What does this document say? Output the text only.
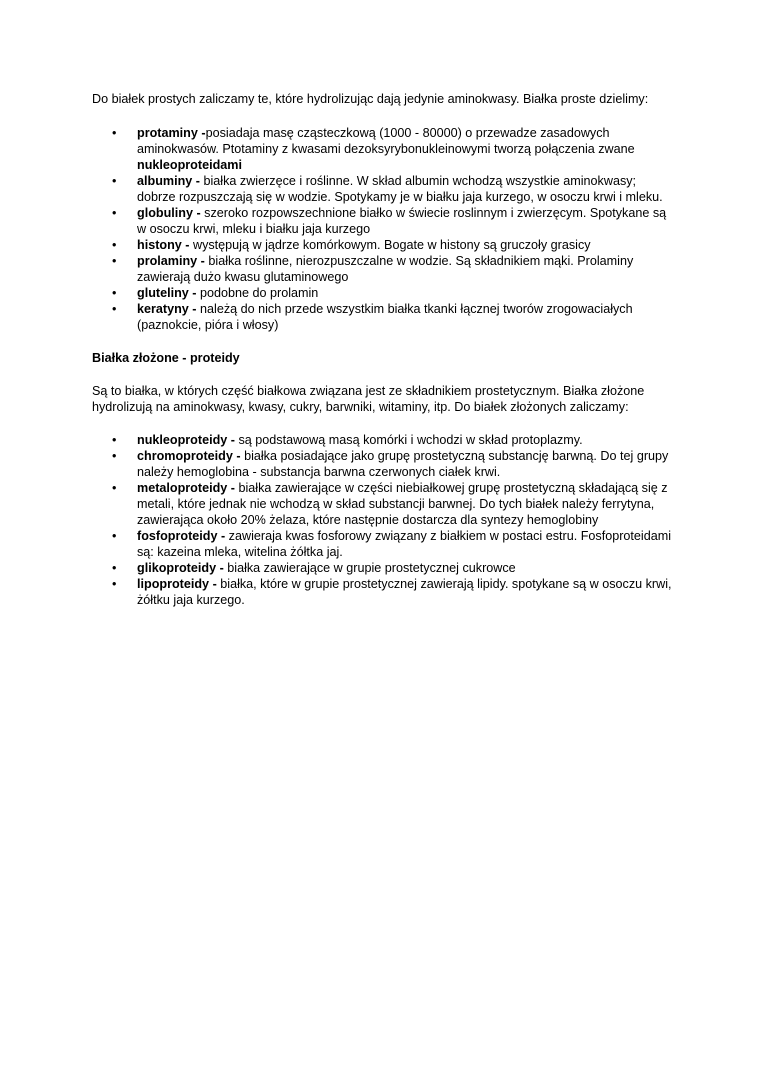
Do białek prostych zaliczamy te, które hydrolizując dają jedynie aminokwasy. Białka proste dzielimy:

• protaminy -posiadaja masę cząsteczkową (1000 - 80000) o przewadze zasadowych aminokwasów. Ptotaminy z kwasami dezoksyrybonukleinowymi tworzą połączenia zwane nukleoproteidami
• albuminy - białka zwierzęce i roślinne. W skład albumin wchodzą wszystkie aminokwasy; dobrze rozpuszczają się w wodzie. Spotykamy je w białku jaja kurzego, w osoczu krwi i mleku.
• globuliny - szeroko rozpowszechnione białko w świecie roslinnym i zwierzęcym. Spotykane są w osoczu krwi, mleku i białku jaja kurzego
• histony - występują w jądrze komórkowym. Bogate w histony są gruczoły grasicy
• prolaminy - białka roślinne, nierozpuszczalne w wodzie. Są składnikiem mąki. Prolaminy zawierają dużo kwasu glutaminowego
• gluteliny - podobne do prolamin
• keratyny - należą do nich przede wszystkim białka tkanki łącznej tworów zrogowaciałych (paznokcie, pióra i włosy)

Białka złożone - proteidy

Są to białka, w których część białkowa związana jest ze składnikiem prostetycznym. Białka złożone hydrolizują na aminokwasy, kwasy, cukry, barwniki, witaminy, itp. Do białek złożonych zaliczamy:

• nukleoproteidy - są podstawową masą komórki i wchodzi w skład protoplazmy.
• chromoproteidy - białka posiadające jako grupę prostetyczną substancję barwną. Do tej grupy należy hemoglobina - substancja barwna czerwonych ciałek krwi.
• metaloproteidy - białka zawierające w części niebiałkowej grupę prostetyczną składającą się z metali, które jednak nie wchodzą w skład substancji barwnej. Do tych białek należy ferrytyna, zawierająca około 20% żelaza, które następnie dostarcza dla syntezy hemoglobiny
• fosfoproteidy - zawieraja kwas fosforowy związany z białkiem w postaci estru. Fosfoproteidami są: kazeina mleka, witelina żółtka jaj.
• glikoproteidy - białka zawierające w grupie prostetycznej cukrowce
• lipoproteidy - białka, które w grupie prostetycznej zawierają lipidy. spotykane są w osoczu krwi, żółtku jaja kurzego.
